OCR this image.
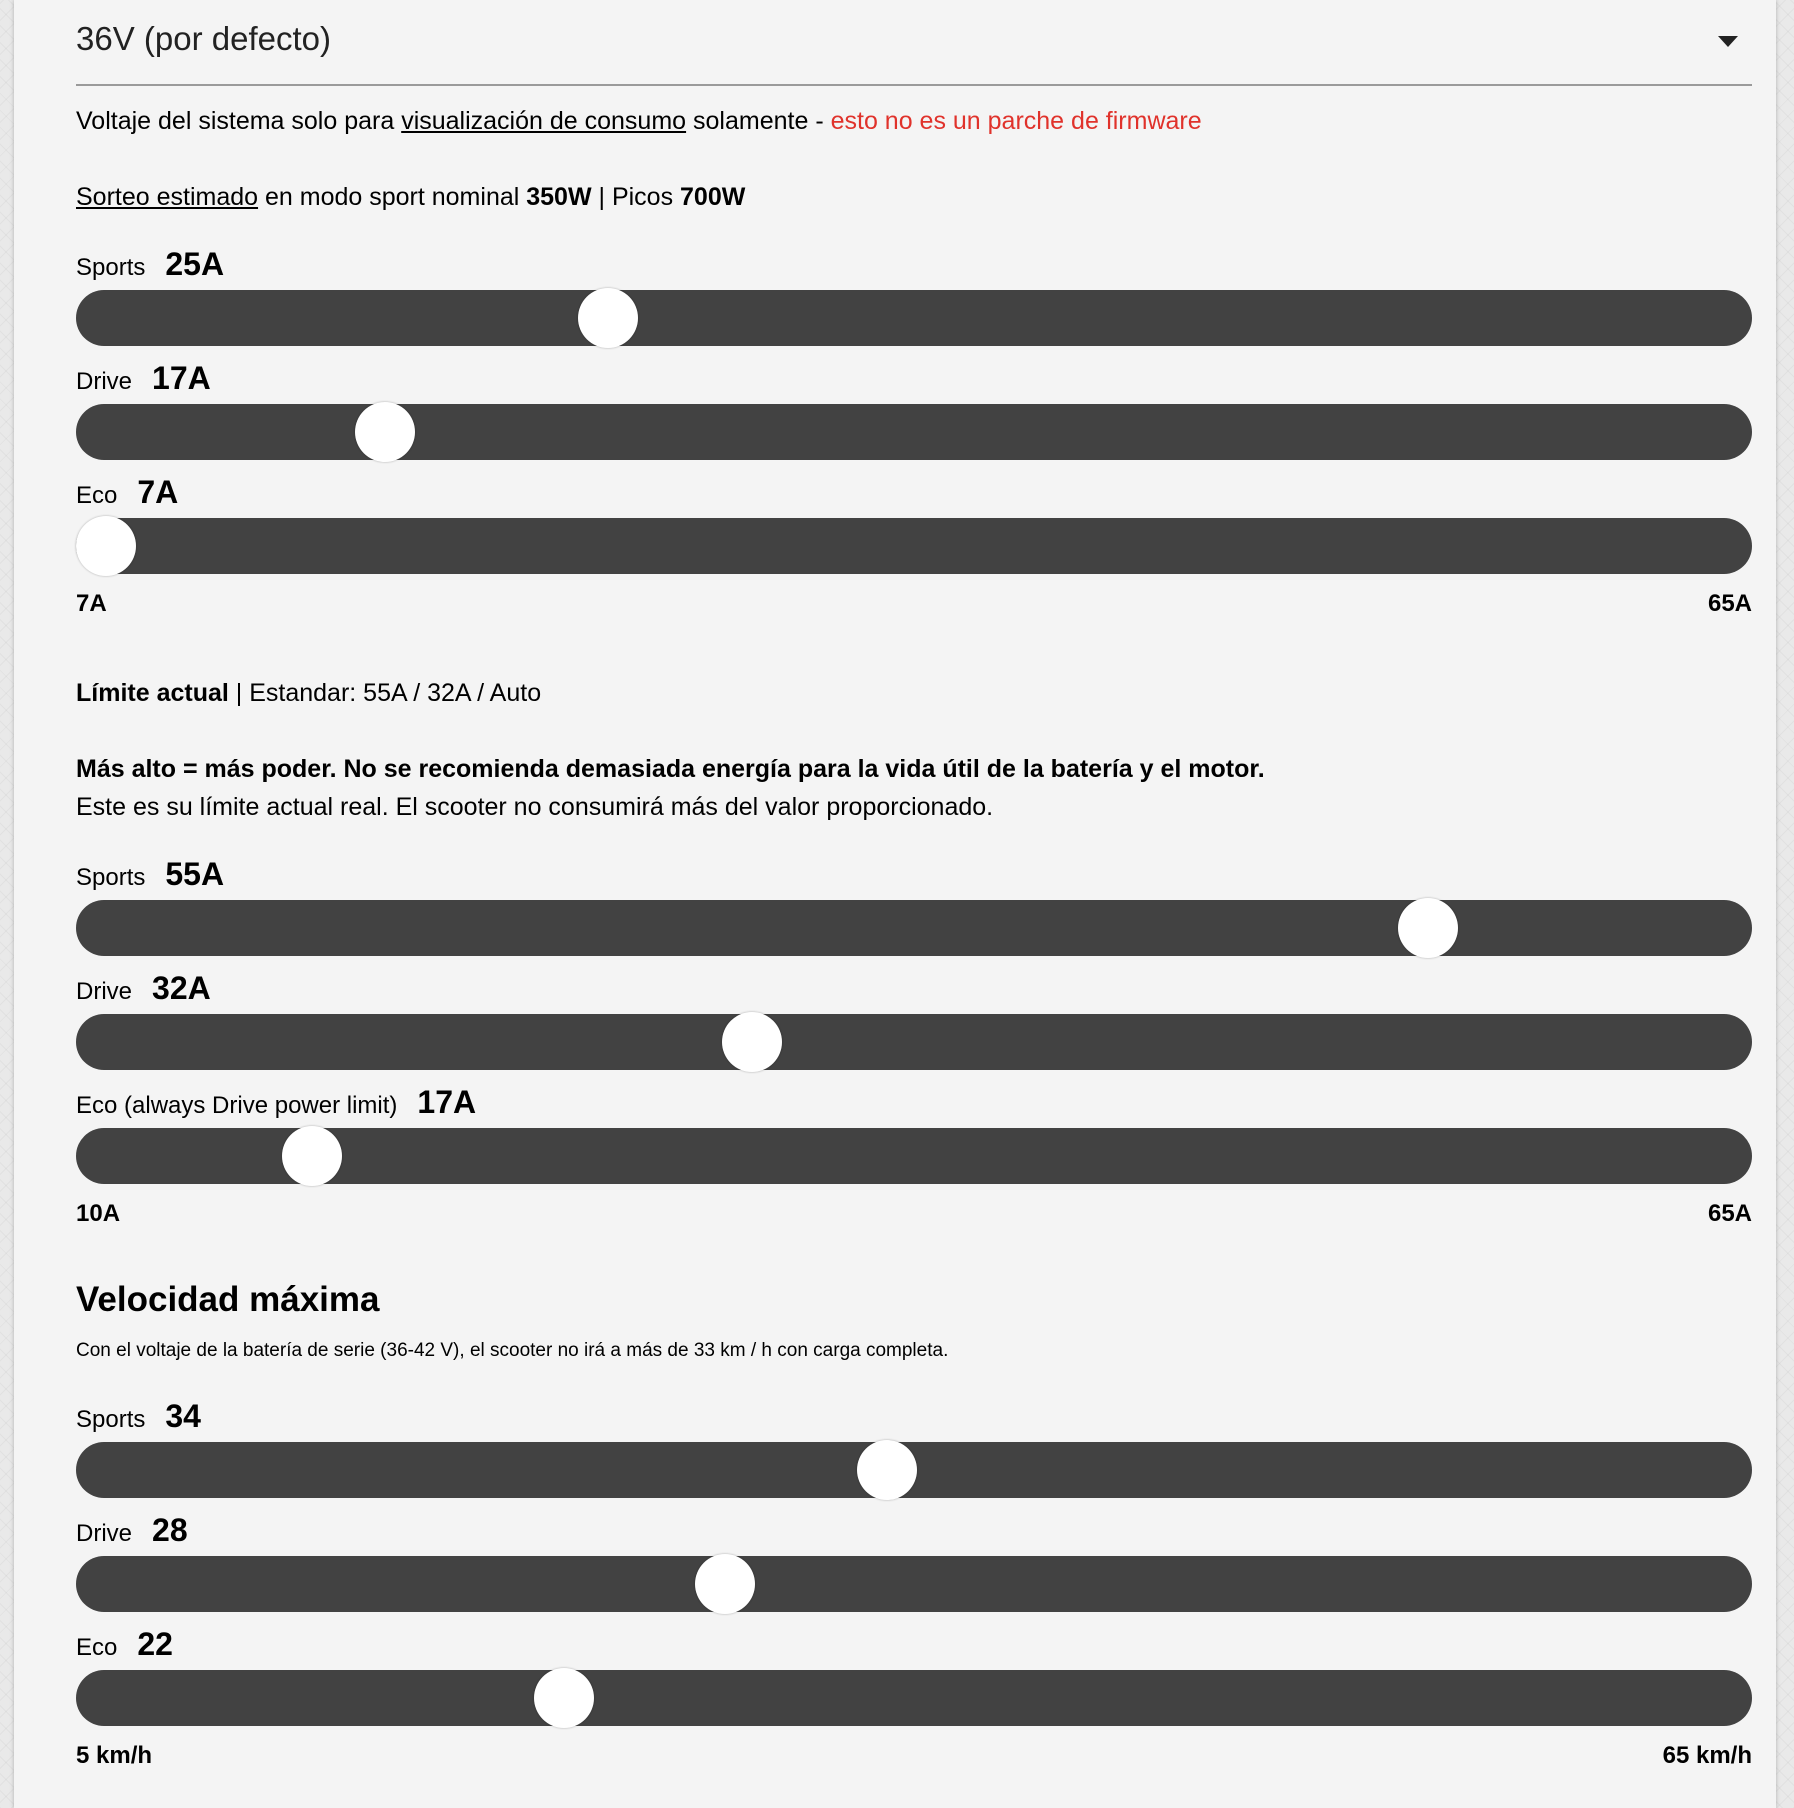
36V (por defecto)
Voltaje del sistema solo para visualización de consumo solamente - esto no es un parche de firmware
Sorteo estimado en modo sport nominal 350W | Picos 700W
Sports 25A
Drive 17A
Eco 7A
7A	65A
Límite actual | Estandar: 55A / 32A / Auto
Más alto = más poder. No se recomienda demasiada energía para la vida útil de la batería y el motor.
Este es su límite actual real. El scooter no consumirá más del valor proporcionado.
Sports 55A
Drive 32A
Eco (always Drive power limit) 17A
10A	65A
Velocidad máxima
Con el voltaje de la batería de serie (36-42 V), el scooter no irá a más de 33 km / h con carga completa.
Sports 34
Drive 28
Eco 22
5 km/h	65 km/h
